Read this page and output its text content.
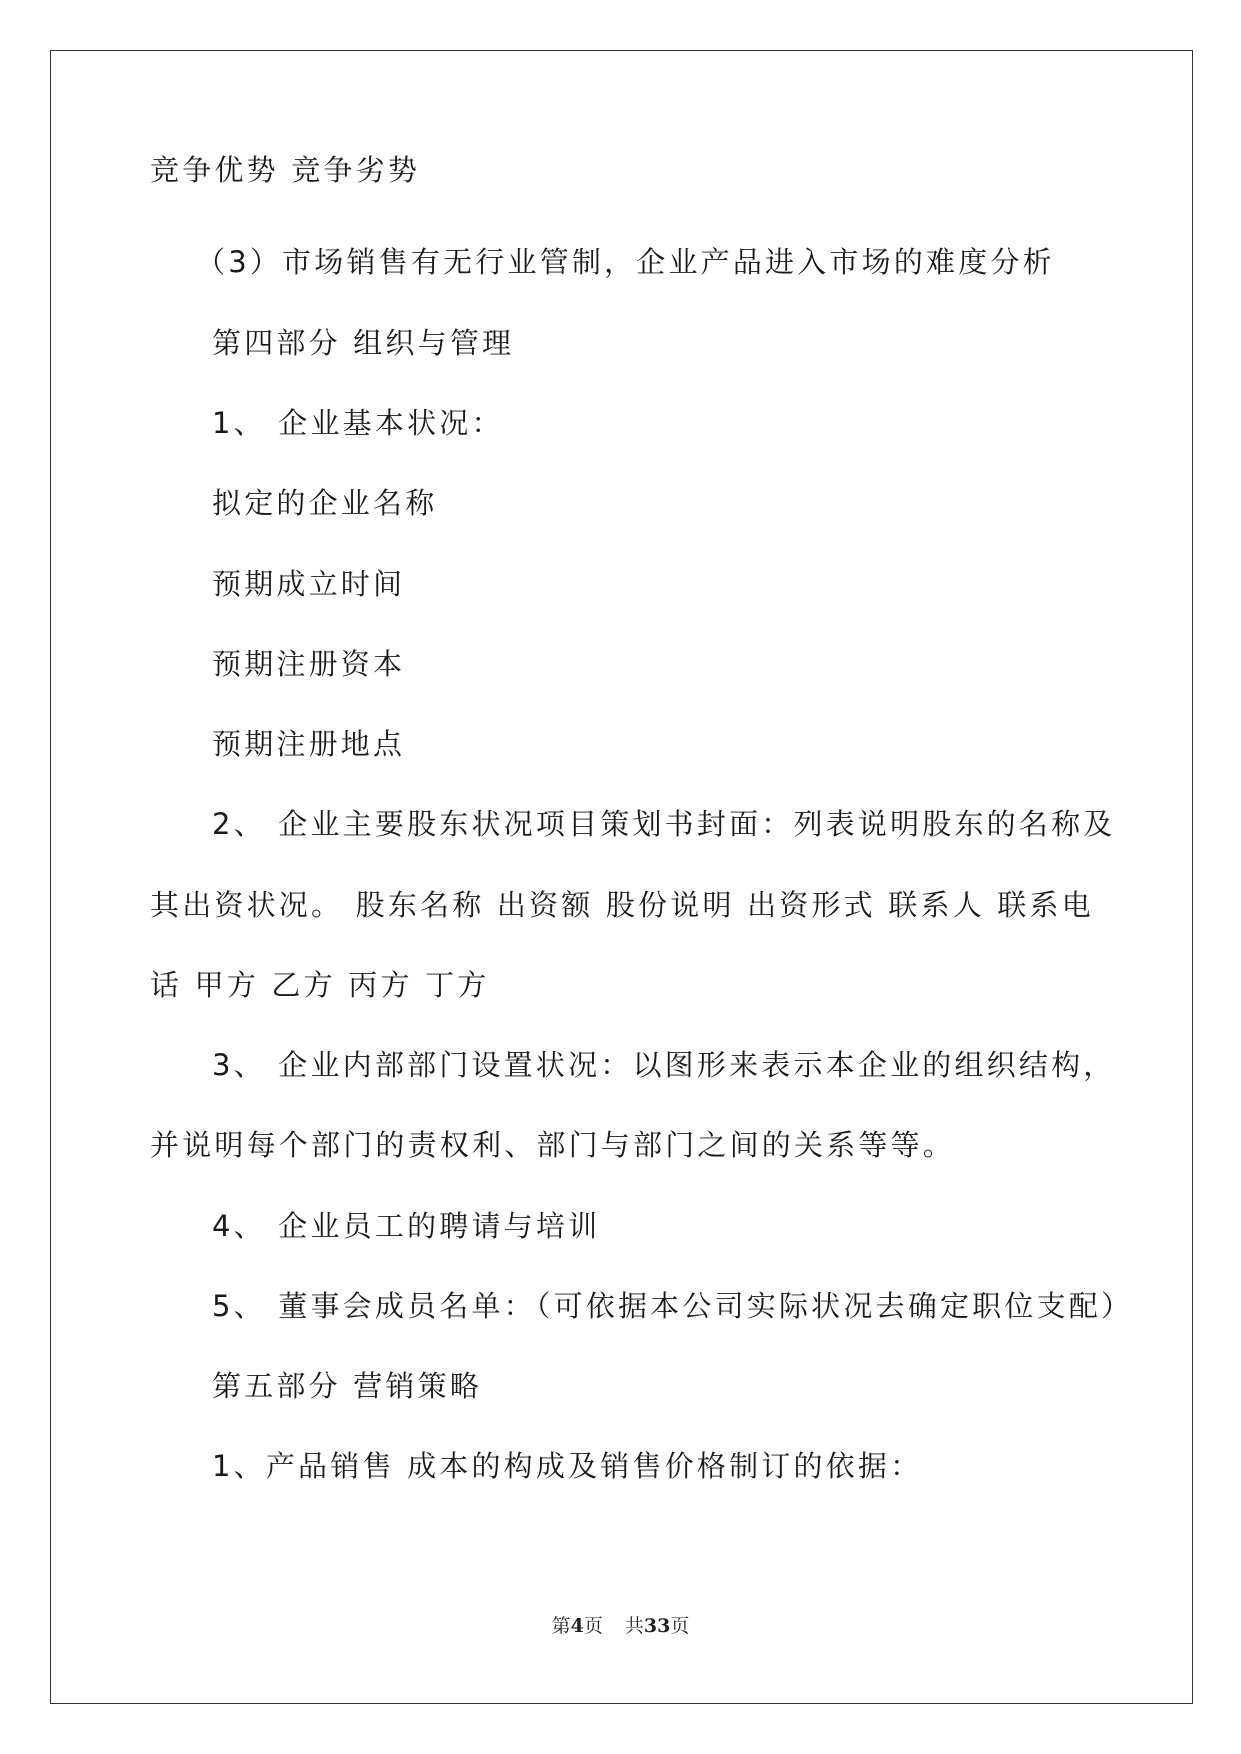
竞争优势 竞争劣势

（3）市场销售有无行业管制，企业产品进入市场的难度分析

第四部分 组织与管理

1、 企业基本状况：

拟定的企业名称

预期成立时间

预期注册资本

预期注册地点

2、 企业主要股东状况项目策划书封面：列表说明股东的名称及

其出资状况。 股东名称 出资额 股份说明 出资形式 联系人 联系电

话 甲方 乙方 丙方 丁方

3、 企业内部部门设置状况：以图形来表示本企业的组织结构，

并说明每个部门的责权利、部门与部门之间的关系等等。

4、 企业员工的聘请与培训

5、 董事会成员名单：（可依据本公司实际状况去确定职位支配）

第五部分 营销策略

1、产品销售 成本的构成及销售价格制订的依据：

第4页 共33页
